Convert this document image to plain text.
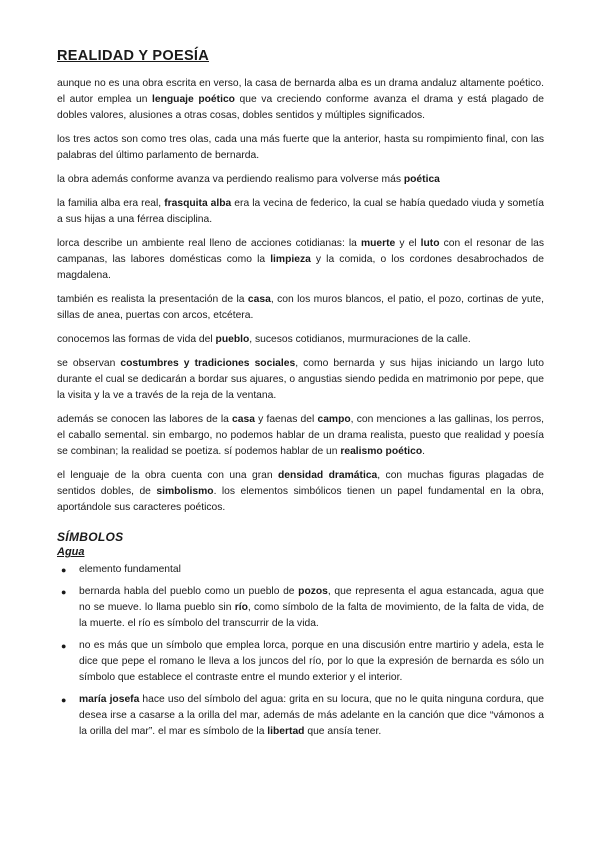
REALIDAD Y POESÍA

aunque no es una obra escrita en verso, la casa de bernarda alba es un drama andaluz altamente poético. el autor emplea un lenguaje poético que va creciendo conforme avanza el drama y está plagado de dobles valores, alusiones a otras cosas, dobles sentidos y múltiples significados.

los tres actos son como tres olas, cada una más fuerte que la anterior, hasta su rompimiento final, con las palabras del último parlamento de bernarda.

la obra además conforme avanza va perdiendo realismo para volverse más poética

la familia alba era real, frasquita alba era la vecina de federico, la cual se había quedado viuda y sometía a sus hijas a una férrea disciplina.

lorca describe un ambiente real lleno de acciones cotidianas: la muerte y el luto con el resonar de las campanas, las labores domésticas como la limpieza y la comida, o los cordones desabrochados de magdalena.

también es realista la presentación de la casa, con los muros blancos, el patio, el pozo, cortinas de yute, sillas de anea, puertas con arcos, etcétera.

conocemos las formas de vida del pueblo, sucesos cotidianos, murmuraciones de la calle.

se observan costumbres y tradiciones sociales, como bernarda y sus hijas iniciando un largo luto durante el cual se dedicarán a bordar sus ajuares, o angustias siendo pedida en matrimonio por pepe, que la visita y la ve a través de la reja de la ventana.

además se conocen las labores de la casa y faenas del campo, con menciones a las gallinas, los perros, el caballo semental. sin embargo, no podemos hablar de un drama realista, puesto que realidad y poesía se combinan; la realidad se poetiza. sí podemos hablar de un realismo poético.

el lenguaje de la obra cuenta con una gran densidad dramática, con muchas figuras plagadas de sentidos dobles, de simbolismo. los elementos simbólicos tienen un papel fundamental en la obra, aportándole sus caracteres poéticos.

SÍMBOLOS
Agua
● elemento fundamental
● bernarda habla del pueblo como un pueblo de pozos, que representa el agua estancada, agua que no se mueve. lo llama pueblo sin río, como símbolo de la falta de movimiento, de la falta de vida, de la muerte. el río es símbolo del transcurrir de la vida.
● no es más que un símbolo que emplea lorca, porque en una discusión entre martirio y adela, esta le dice que pepe el romano le lleva a los juncos del río, por lo que la expresión de bernarda es sólo un símbolo que establece el contraste entre el mundo exterior y el interior.
● maría josefa hace uso del símbolo del agua: grita en su locura, que no le quita ninguna cordura, que desea irse a casarse a la orilla del mar, además de más adelante en la canción que dice “vámonos a la orilla del mar”. el mar es símbolo de la libertad que ansía tener.
